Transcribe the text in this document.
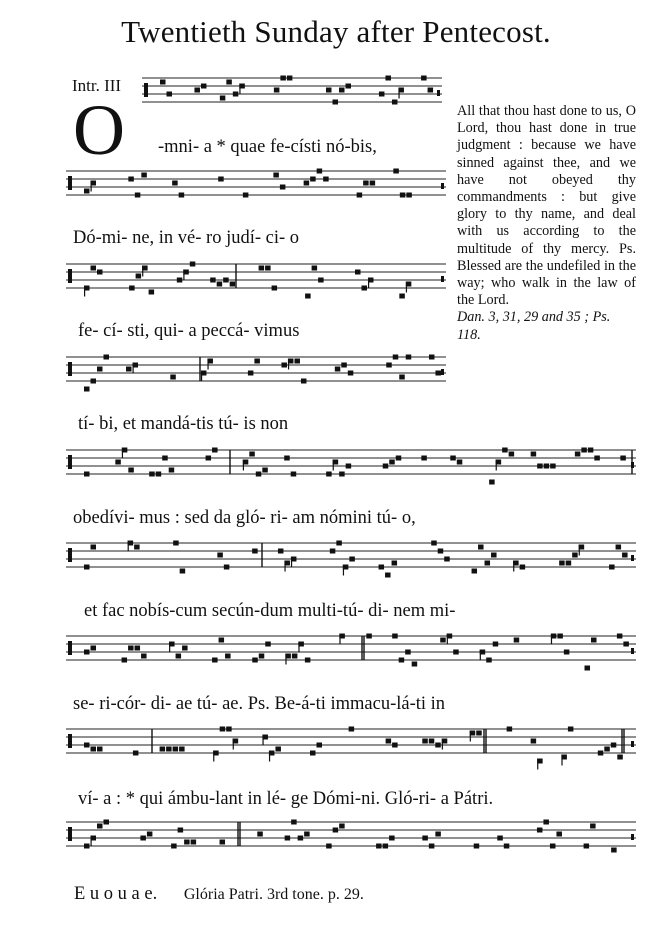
Twentieth Sunday after Pentecost.
Intr. III
O	All that thou hast done to us, O Lord, thou hast done in true judgment : because we have sinned against thee, and we have not obeyed thy commandments : but give glory to thy name, and deal with us according to the multitude of thy mercy. Ps. Blessed are the undefiled in the way; who walk in the law of the Lord.
Dan. 3, 31, 29 and 35 ; Ps. 118.
-mni- a * quae fe-císti nó-bis,
Dó-mi- ne, in vé- ro judí- ci- o
fe- cí- sti, qui- a peccá- vimus
tí- bi, et mandá-tis tú- is non
obedívi- mus : sed da gló- ri- am nómini tú- o,
et fac nobís-cum secún-dum multi-tú- di- nem mi-
se- ri-cór- di- ae tú- ae. Ps. Be-á-ti immacu-lá-ti in
ví- a : * qui ámbu-lant in lé- ge Dómi-ni. Gló-ri- a Pátri.
E u o u a e. Glória Patri. 3rd tone. p. 29.
